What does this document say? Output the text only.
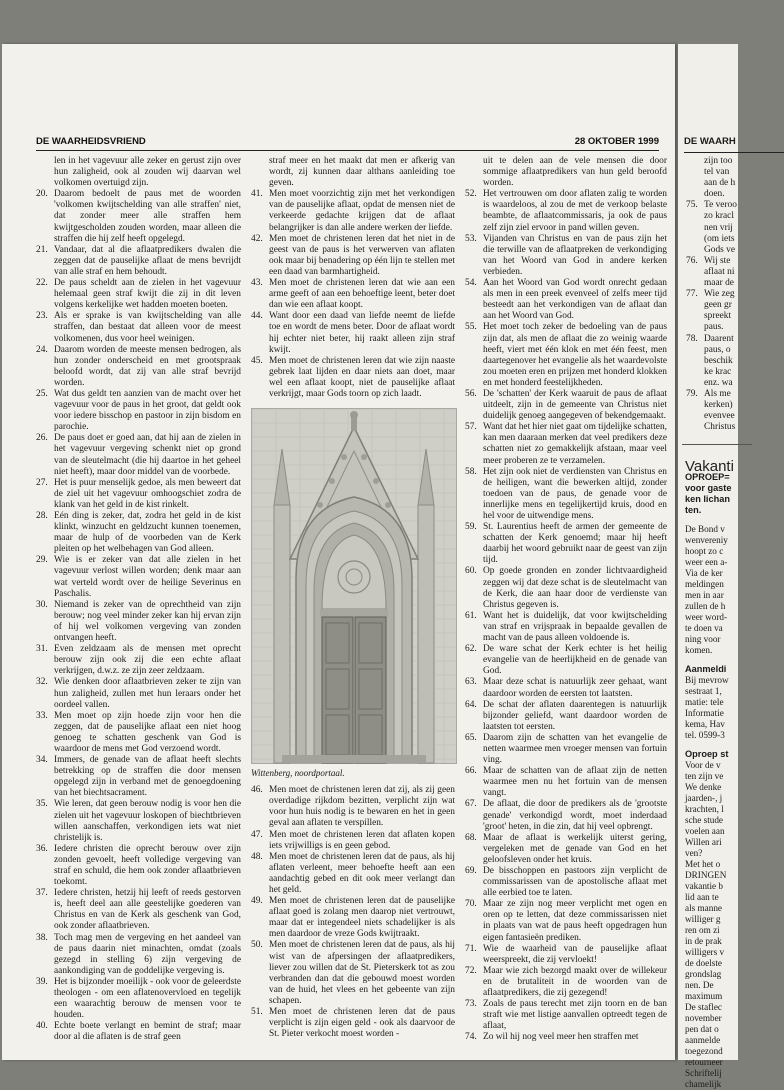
DE WAARHEIDSVRIEND	28 OKTOBER 1999

len in het vagevuur alle zeker en gerust zijn over hun zaligheid, ook al zouden wij daarvan wel volkomen overtuigd zijn.

20. Daarom bedoelt de paus met de woorden 'volkomen kwijtschelding van alle straffen' niet, dat zonder meer alle straffen hem kwijtgescholden zouden worden, maar alleen die straffen die hij zelf heeft opgelegd.

21. Vandaar, dat al die aflaatpredikers dwalen die zeggen dat de pauselijke aflaat de mens bevrijdt van alle straf en hem behoudt.

22. De paus scheldt aan de zielen in het vagevuur helemaal geen straf kwijt die zij in dit leven volgens kerkelijke wet hadden moeten boeten.

23. Als er sprake is van kwijtschelding van alle straffen, dan bestaat dat alleen voor de meest volkomenen, dus voor heel weinigen.

24. Daarom worden de meeste mensen bedrogen, als hun zonder onderscheid en met grootspraak beloofd wordt, dat zij van alle straf bevrijd worden.

25. Wat dus geldt ten aanzien van de macht over het vagevuur voor de paus in het groot, dat geldt ook voor iedere bisschop en pastoor in zijn bisdom en parochie.

26. De paus doet er goed aan, dat hij aan de zielen in het vagevuur vergeving schenkt niet op grond van de sleutelmacht (die hij daartoe in het geheel niet heeft), maar door middel van de voorbede.

27. Het is puur menselijk gedoe, als men beweert dat de ziel uit het vagevuur omhoogschiet zodra de klank van het geld in de kist rinkelt.

28. Eén ding is zeker, dat, zodra het geld in de kist klinkt, winzucht en geldzucht kunnen toenemen, maar de hulp of de voorbeden van de Kerk pleiten op het welbehagen van God alleen.

29. Wie is er zeker van dat alle zielen in het vagevuur verlost willen worden; denk maar aan wat verteld wordt over de heilige Severinus en Paschalis.

30. Niemand is zeker van de oprechtheid van zijn berouw; nog veel minder zeker kan hij ervan zijn of hij wel volkomen vergeving van zonden ontvangen heeft.

31. Even zeldzaam als de mensen met oprecht berouw zijn ook zij die een echte aflaat verkrijgen, d.w.z. ze zijn zeer zeldzaam.

32. Wie denken door aflaatbrieven zeker te zijn van hun zaligheid, zullen met hun leraars onder het oordeel vallen.

33. Men moet op zijn hoede zijn voor hen die zeggen, dat de pauselijke aflaat een niet hoog genoeg te schatten geschenk van God is waardoor de mens met God verzoend wordt.

34. Immers, de genade van de aflaat heeft slechts betrekking op de straffen die door mensen opgelegd zijn in verband met de genoegdoening van het biechtsacrament.

35. Wie leren, dat geen berouw nodig is voor hen die zielen uit het vagevuur loskopen of biechtbrieven willen aanschaffen, verkondigen iets wat niet christelijk is.

36. Iedere christen die oprecht berouw over zijn zonden gevoelt, heeft volledige vergeving van straf en schuld, die hem ook zonder aflaatbrieven toekomt.

37. Iedere christen, hetzij hij leeft of reeds gestorven is, heeft deel aan alle geestelijke goederen van Christus en van de Kerk als geschenk van God, ook zonder aflaatbrieven.

38. Toch mag men de vergeving en het aandeel van de paus daarin niet minachten, omdat (zoals gezegd in stelling 6) zijn vergeving de aankondiging van de goddelijke vergeving is.

39. Het is bijzonder moeilijk - ook voor de geleerdste theologen - om een aflatenovervloed en tegelijk een waarachtig berouw de mensen voor te houden.

40. Echte boete verlangt en bemint de straf; maar door al die aflaten is de straf geen

straf meer en het maakt dat men er afkerig van wordt, zij kunnen daar althans aanleiding toe geven.

41. Men moet voorzichtig zijn met het verkondigen van de pauselijke aflaat, opdat de mensen niet de verkeerde gedachte krijgen dat de aflaat belangrijker is dan alle andere werken der liefde.

42. Men moet de christenen leren dat het niet in de geest van de paus is het verwerven van aflaten ook maar bij benadering op één lijn te stellen met een daad van barmhartigheid.

43. Men moet de christenen leren dat wie aan een arme geeft of aan een behoeftige leent, beter doet dan wie een aflaat koopt.

44. Want door een daad van liefde neemt de liefde toe en wordt de mens beter. Door de aflaat wordt hij echter niet beter, hij raakt alleen zijn straf kwijt.

45. Men moet de christenen leren dat wie zijn naaste gebrek laat lijden en daar niets aan doet, maar wel een aflaat koopt, niet de pauselijke aflaat verkrijgt, maar Gods toorn op zich laadt.

Wittenberg, noordportaal.

46. Men moet de christenen leren dat zij, als zij geen overdadige rijkdom bezitten, verplicht zijn wat voor hun huis nodig is te bewaren en het in geen geval aan aflaten te verspillen.

47. Men moet de christenen leren dat aflaten kopen iets vrijwilligs is en geen gebod.

48. Men moet de christenen leren dat de paus, als hij aflaten verleent, meer behoefte heeft aan een aandachtig gebed en dit ook meer verlangt dan het geld.

49. Men moet de christenen leren dat de pauselijke aflaat goed is zolang men daarop niet vertrouwt, maar dat er integendeel niets schadelijker is als men daardoor de vreze Gods kwijtraakt.

50. Men moet de christenen leren dat de paus, als hij wist van de afpersingen der aflaatpredikers, liever zou willen dat de St. Pieterskerk tot as zou verbranden dan dat die gebouwd moest worden van de huid, het vlees en het gebeente van zijn schapen.

51. Men moet de christenen leren dat de paus verplicht is zijn eigen geld - ook als daarvoor de St. Pieter verkocht moest worden -

uit te delen aan de vele mensen die door sommige aflaatpredikers van hun geld beroofd worden.

52. Het vertrouwen om door aflaten zalig te worden is waardeloos, al zou de met de verkoop belaste beambte, de aflaatcommissaris, ja ook de paus zelf zijn ziel ervoor in pand willen geven.

53. Vijanden van Christus en van de paus zijn het die terwille van de aflaatpreken de verkondiging van het Woord van God in andere kerken verbieden.

54. Aan het Woord van God wordt onrecht gedaan als men in een preek evenveel of zelfs meer tijd besteedt aan het verkondigen van de aflaat dan aan het Woord van God.

55. Het moet toch zeker de bedoeling van de paus zijn dat, als men de aflaat die zo weinig waarde heeft, viert met één klok en met één feest, men daartegenover het evangelie als het waardevolste zou moeten eren en prijzen met honderd klokken en met honderd feestelijkheden.

56. De 'schatten' der Kerk waaruit de paus de aflaat uitdeelt, zijn in de gemeente van Christus niet duidelijk genoeg aangegeven of bekendgemaakt.

57. Want dat het hier niet gaat om tijdelijke schatten, kan men daaraan merken dat veel predikers deze schatten niet zo gemakkelijk afstaan, maar veel meer proberen ze te verzamelen.

58. Het zijn ook niet de verdiensten van Christus en de heiligen, want die bewerken altijd, zonder toedoen van de paus, de genade voor de innerlijke mens en tegelijkertijd kruis, dood en hel voor de uitwendige mens.

59. St. Laurentius heeft de armen der gemeente de schatten der Kerk genoemd; maar hij heeft daarbij het woord gebruikt naar de geest van zijn tijd.

60. Op goede gronden en zonder lichtvaardigheid zeggen wij dat deze schat is de sleutelmacht van de Kerk, die aan haar door de verdienste van Christus gegeven is.

61. Want het is duidelijk, dat voor kwijtschelding van straf en vrijspraak in bepaalde gevallen de macht van de paus alleen voldoende is.

62. De ware schat der Kerk echter is het heilig evangelie van de heerlijkheid en de genade van God.

63. Maar deze schat is natuurlijk zeer gehaat, want daardoor worden de eersten tot laatsten.

64. De schat der aflaten daarentegen is natuurlijk bijzonder geliefd, want daardoor worden de laatsten tot eersten.

65. Daarom zijn de schatten van het evangelie de netten waarmee men vroeger mensen van fortuin ving.

66. Maar de schatten van de aflaat zijn de netten waarmee men nu het fortuin van de mensen vangt.

67. De aflaat, die door de predikers als de 'grootste genade' verkondigd wordt, moet inderdaad 'groot' heten, in die zin, dat hij veel opbrengt.

68. Maar de aflaat is werkelijk uiterst gering, vergeleken met de genade van God en het geloofsleven onder het kruis.

69. De bisschoppen en pastoors zijn verplicht de commissarissen van de apostolische aflaat met alle eerbied toe te laten.

70. Maar ze zijn nog meer verplicht met ogen en oren op te letten, dat deze commissarissen niet in plaats van wat de paus heeft opgedragen hun eigen fantasieën prediken.

71. Wie de waarheid van de pauselijke aflaat weerspreekt, die zij vervloekt!

72. Maar wie zich bezorgd maakt over de willekeur en de brutaliteit in de woorden van de aflaatpredikers, die zij gezegend!

73. Zoals de paus terecht met zijn toorn en de ban straft wie met listige aanvallen optreedt tegen de aflaat,

74. Zo wil hij nog veel meer hen straffen met

DE WAARH
zijn too
tel van
aan de h
doen.
75. Te veroo
zo kracl
nen vrij
(om iets
Gods ve
76. Wij ste
aflaat ni
maar de
77. Wie zeg
geen gr
spreekt
paus.
78. Daarent
paus, o
beschik
ke krac
enz. wa
79. Als me
kerken)
evenvee
Christus
Vakanti
OPROEP=
voor gaste
ken lichan
ten.
De Bond v
wenvereniy
hoopt zo c
weer een a-
Via de ker
meldingen
men in aar
zullen de h
weer word-
te doen va
ning voor
komen.
Aanmeldi
Bij mevrow
sestraat 1,
matie: tele
Informatie
kema, Hav
tel. 0599-3
Oproep st
Voor de v
ten zijn ve
We denke
jaarden-, j
krachten, l
sche stude
voelen aan
Willen ari
ven?
Met het o
DRINGEN
vakantie b
lid aan te
als manne
williger g
ren om zi
in de prak
willigers v
de doelste
grondslag
nen. De
maximum
De staflec
november
pen dat o
aanmelde
toegezond
retourneer
Schriftelij
chamelijk
